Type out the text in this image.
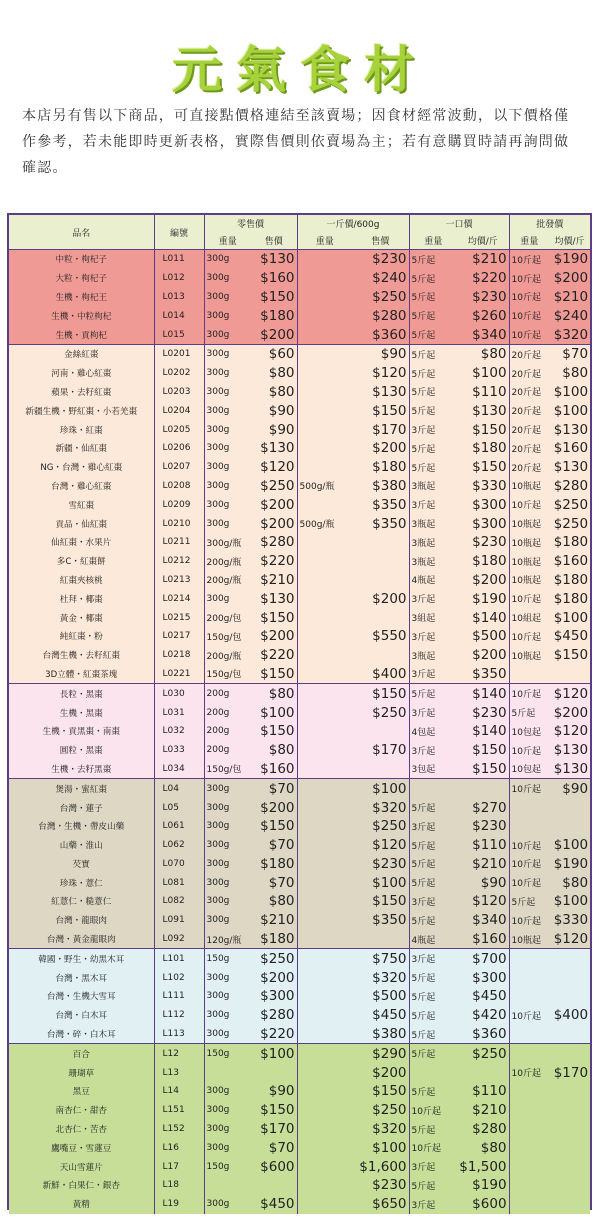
元氣食材
本店另有售以下商品，可直接點價格連結至該賣場；因食材經常波動，以下價格僅作參考，若未能即時更新表格，實際售價則依賣場為主；若有意購買時請再詢問做確認。
品名	編號	零售價		一斤價/600g		一口價		批發價	
		重量	售價	重量	售價	重量	均價/斤	重量	均價/斤
中粒・枸杞子	L011	300g	$130		$230	5斤起	$210	10斤起	$190
大粒・枸杞子	L012	300g	$160		$240	5斤起	$220	10斤起	$200
生機・枸杞王	L013	300g	$150		$250	5斤起	$230	10斤起	$210
生機・中粒枸杞	L014	300g	$180		$280	5斤起	$260	10斤起	$240
生機・貢枸杞	L015	300g	$200		$360	5斤起	$340	10斤起	$320
金絲紅棗	L0201	300g	$60		$90	5斤起	$80	20斤起	$70
河南・雞心紅棗	L0202	300g	$80		$120	5斤起	$100	20斤起	$80
蘋果・去籽紅棗	L0203	300g	$80		$130	5斤起	$110	20斤起	$100
新疆生機・野紅棗・小若羌棗	L0204	300g	$90		$150	5斤起	$130	20斤起	$100
珍珠・紅棗	L0205	300g	$90		$170	3斤起	$150	20斤起	$130
新疆・仙紅棗	L0206	300g	$130		$200	5斤起	$180	20斤起	$160
NG・台灣・雞心紅棗	L0207	300g	$120		$180	5斤起	$150	20斤起	$130
台灣・雞心紅棗	L0208	300g	$250	500g/瓶	$380	3瓶起	$330	10瓶起	$280
雪紅棗	L0209	300g	$200		$350	3斤起	$300	10斤起	$250
貢品・仙紅棗	L0210	300g	$200	500g/瓶	$350	3瓶起	$300	10瓶起	$250
仙紅棗・水果片	L0211	300g/瓶	$280			3瓶起	$230	10瓶起	$180
多C・紅棗餅	L0212	200g/瓶	$220			3瓶起	$180	10瓶起	$160
紅棗夾核桃	L0213	200g/瓶	$210			4瓶起	$200	10瓶起	$180
杜拜・椰棗	L0214	300g	$130		$200	3斤起	$190	10斤起	$180
黃金・椰棗	L0215	200g/包	$150			3組起	$140	10組起	$100
純紅棗・粉	L0217	150g/包	$200		$550	3斤起	$500	10斤起	$450
台灣生機・去籽紅棗	L0218	200g/瓶	$220			3瓶起	$200	10瓶起	$150
3D立體・紅棗茶塊	L0221	150g/包	$150		$400	3斤起	$350		
長粒・黑棗	L030	200g	$80		$150	5斤起	$140	10斤起	$120
生機・黑棗	L031	200g	$100		$250	3斤起	$230	5斤起	$200
生機・貢黑棗・南棗	L032	200g	$150			4包起	$140	10包起	$120
圓粒・黑棗	L033	200g	$80		$170	3斤起	$150	10斤起	$130
生機・去籽黑棗	L034	150g/包	$160			3包起	$150	10包起	$130
煲湯・蜜紅棗	L04	300g	$70		$100			10斤起	$90
台灣・蓮子	L05	300g	$200		$320	5斤起	$270		
台灣・生機・帶皮山藥	L061	300g	$150		$250	3斤起	$230		
山藥・淮山	L062	300g	$70		$120	5斤起	$110	10斤起	$100
芡實	L070	300g	$180		$230	5斤起	$210	10斤起	$190
珍珠・薏仁	L081	300g	$70		$100	5斤起	$90	10斤起	$80
紅薏仁・糙薏仁	L082	300g	$80		$150	3斤起	$120	5斤起	$100
台灣・龍眼肉	L091	300g	$210		$350	5斤起	$340	10斤起	$330
台灣・黃金龍眼肉	L092	120g/瓶	$180			4瓶起	$160	10瓶起	$120
韓國・野生・幼黑木耳	L101	150g	$250		$750	3斤起	$700		
台灣・黑木耳	L102	300g	$200		$320	5斤起	$300		
台灣・生機大雪耳	L111	300g	$300		$500	5斤起	$450		
台灣・白木耳	L112	300g	$280		$450	5斤起	$420	10斤起	$400
台灣・碎・白木耳	L113	300g	$220		$380	5斤起	$360		
百合	L12	150g	$100		$290	5斤起	$250		
珊瑚草	L13				$200			10斤起	$170
黑豆	L14	300g	$90		$150	5斤起	$110		
南杏仁・甜杏	L151	300g	$150		$250	10斤起	$210		
北杏仁・苦杏	L152	300g	$170		$320	5斤起	$280		
鷹嘴豆・雪蓮豆	L16	300g	$70		$100	10斤起	$80		
天山雪蓮片	L17	150g	$600		$1,600	3斤起	$1,500		
新鮮・白果仁・銀杏	L18				$230	5斤起	$190		
黃精	L19	300g	$450		$650	3斤起	$600		
